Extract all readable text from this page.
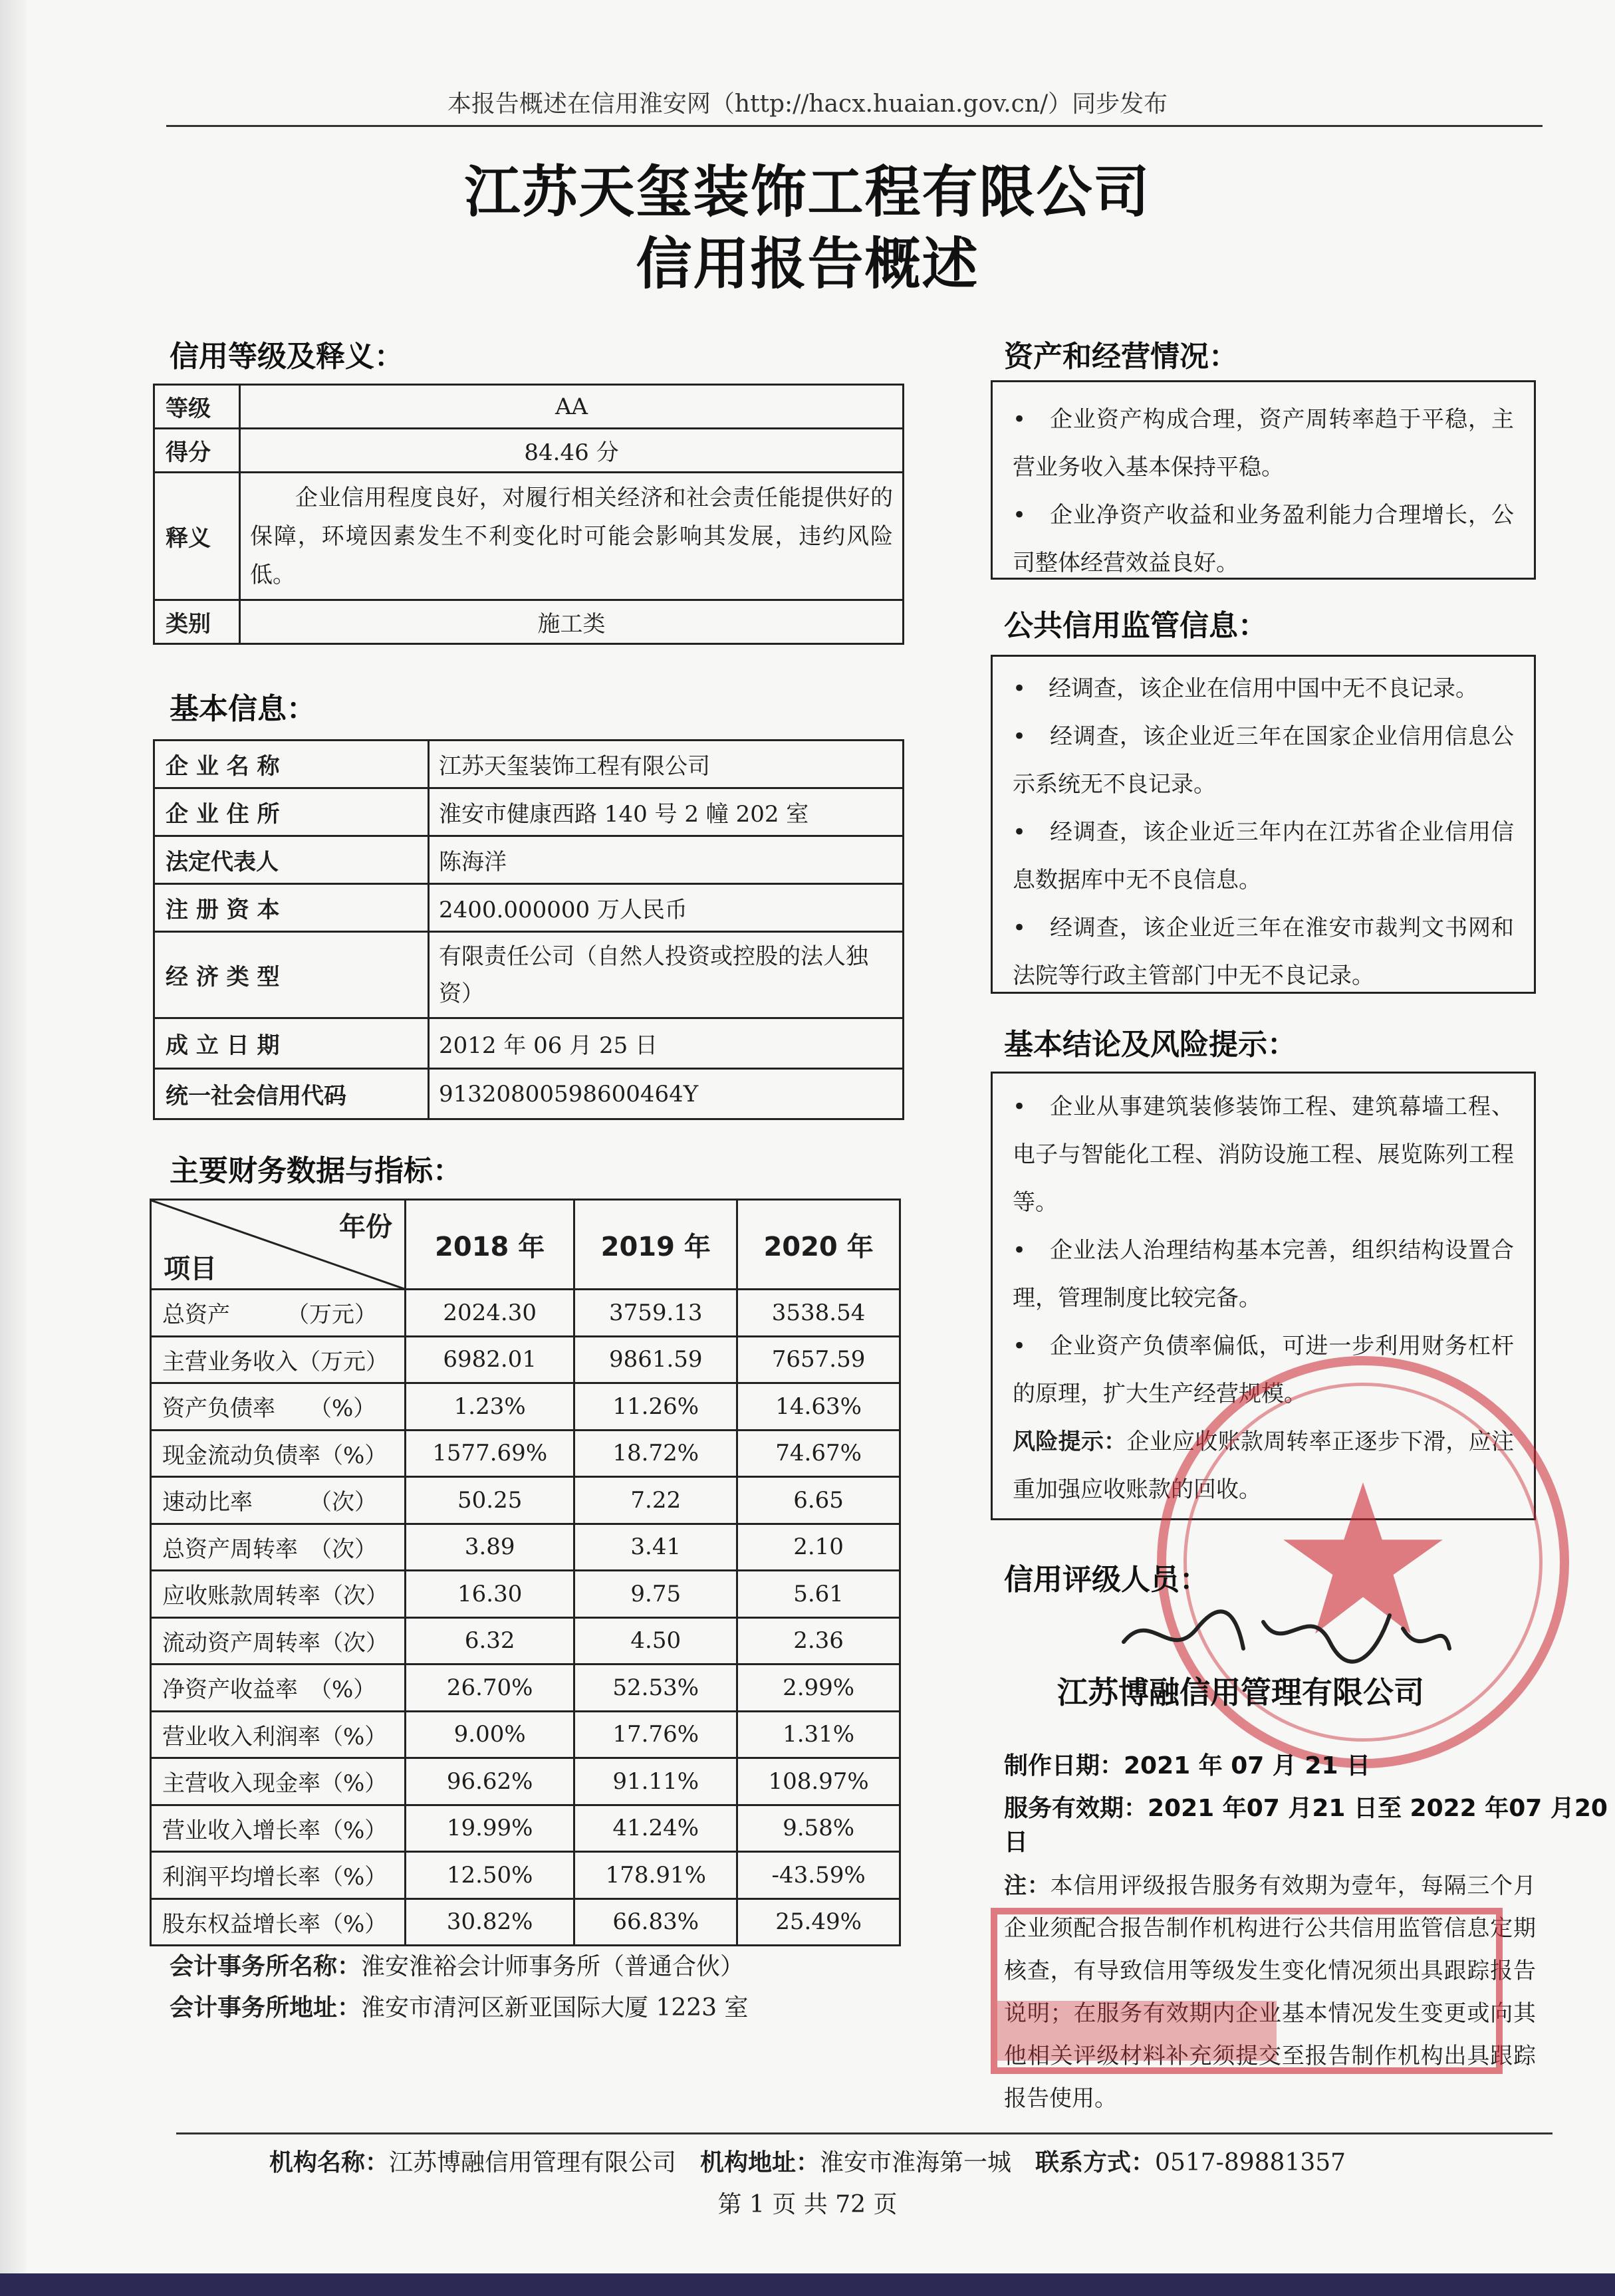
本报告概述在信用淮安网（http://hacx.huaian.gov.cn/）同步发布
江苏天玺装饰工程有限公司
信用报告概述
信用等级及释义：
等级	AA
得分	84.46 分
释义	企业信用程度良好，对履行相关经济和社会责任能提供好的保障，环境因素发生不利变化时可能会影响其发展，违约风险低。
类别	施工类
基本信息：
企 业 名 称	江苏天玺装饰工程有限公司
企 业 住 所	淮安市健康西路 140 号 2 幢 202 室
法定代表人	陈海洋
注 册 资 本	2400.000000 万人民币
经 济 类 型	有限责任公司（自然人投资或控股的法人独资）
成 立 日 期	2012 年 06 月 25 日
统一社会信用代码	91320800598600464Y
主要财务数据与指标：
年份
项目	2018 年	2019 年	2020 年
总资产　　　（万元）	2024.30	3759.13	3538.54
主营业务收入（万元）	6982.01	9861.59	7657.59
资产负债率　　（%）	1.23%	11.26%	14.63%
现金流动负债率（%）	1577.69%	18.72%	74.67%
速动比率　　　（次）	50.25	7.22	6.65
总资产周转率　（次）	3.89	3.41	2.10
应收账款周转率（次）	16.30	9.75	5.61
流动资产周转率（次）	6.32	4.50	2.36
净资产收益率　（%）	26.70%	52.53%	2.99%
营业收入利润率（%）	9.00%	17.76%	1.31%
主营收入现金率（%）	96.62%	91.11%	108.97%
营业收入增长率（%）	19.99%	41.24%	9.58%
利润平均增长率（%）	12.50%	178.91%	-43.59%
股东权益增长率（%）	30.82%	66.83%	25.49%
会计事务所名称：淮安淮裕会计师事务所（普通合伙）
会计事务所地址：淮安市清河区新亚国际大厦 1223 室
资产和经营情况：

•　企业资产构成合理，资产周转率趋于平稳，主营业务收入基本保持平稳。

•　企业净资产收益和业务盈利能力合理增长，公司整体经营效益良好。

公共信用监管信息：

•　经调查，该企业在信用中国中无不良记录。

•　经调查，该企业近三年在国家企业信用信息公示系统无不良记录。

•　经调查，该企业近三年内在江苏省企业信用信息数据库中无不良信息。

•　经调查，该企业近三年在淮安市裁判文书网和法院等行政主管部门中无不良记录。

基本结论及风险提示：

•　企业从事建筑装修装饰工程、建筑幕墙工程、电子与智能化工程、消防设施工程、展览陈列工程等。

•　企业法人治理结构基本完善，组织结构设置合理，管理制度比较完备。

•　企业资产负债率偏低，可进一步利用财务杠杆的原理，扩大生产经营规模。

风险提示：企业应收账款周转率正逐步下滑，应注重加强应收账款的回收。

信用评级人员：
江苏博融信用管理有限公司
制作日期：2021 年 07 月 21 日
服务有效期：2021 年07 月21 日至 2022 年07 月20 日

注：本信用评级报告服务有效期为壹年，每隔三个月企业须配合报告制作机构进行公共信用监管信息定期核查，有导致信用等级发生变化情况须出具跟踪报告说明；在服务有效期内企业基本情况发生变更或向其他相关评级材料补充须提交至报告制作机构出具跟踪报告使用。

机构名称：江苏博融信用管理有限公司　 机构地址：淮安市淮海第一城　 联系方式：0517-89881357
第 1 页 共 72 页
